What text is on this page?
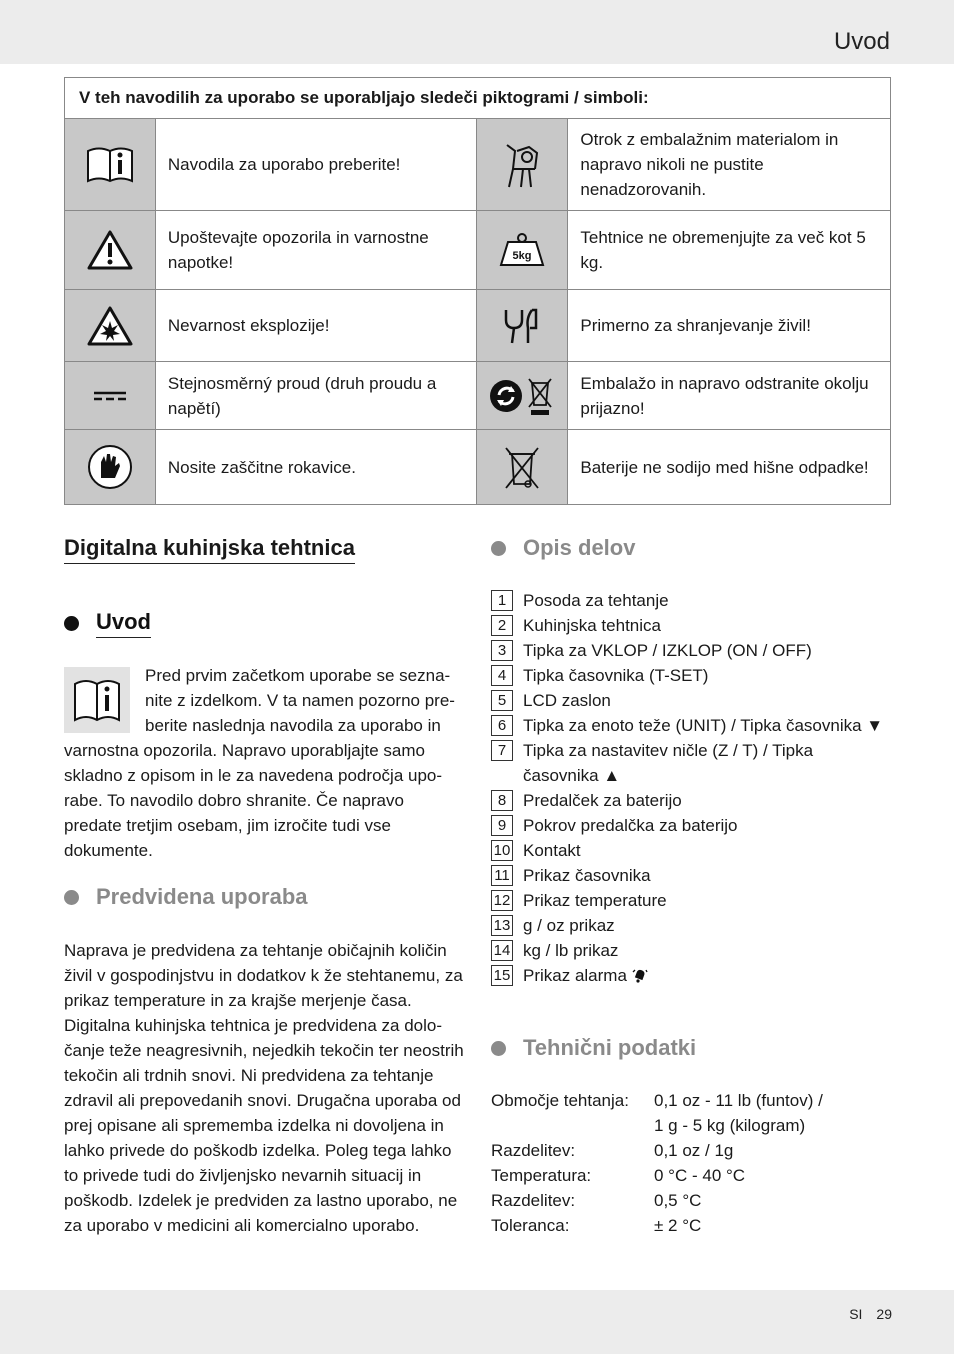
Uvod
V teh navodilih za uporabo se uporabljajo sledeči piktogrami / simboli:			

	Navodila za uporabo preberite!		Otrok z embalažnim materialom in napravo nikoli ne pustite nenadzorovanih.

	Upoštevajte opozorila in varnostne napotke!	5kg	Tehtnice ne obremenjujte za več kot 5 kg.

	Nevarnost eksplozije!		Primerno za shranjevanje živil!

	Stejnosměrný proud (druh proudu a napětí)		Embalažo in napravo odstranite okolju prijazno!

	Nosite zaščitne rokavice.		Baterije ne sodijo med hišne odpadke!
Digitalna kuhinjska tehtnica
Uvod
Pred prvim začetkom uporabe se sezna-nite z izdelkom. V ta namen pozorno pre-berite naslednja navodila za uporabo in
varnostna opozorila. Napravo uporabljajte samo skladno z opisom in le za navedena področja upo-rabe. To navodilo dobro shranite. Če napravo predate tretjim osebam, jim izročite tudi vse dokumente.
Predvidena uporaba
Naprava je predvidena za tehtanje običajnih količin živil v gospodinjstvu in dodatkov k že stehtanemu, za prikaz temperature in za krajše merjenje časa. Digitalna kuhinjska tehtnica je predvidena za dolo-čanje teže neagresivnih, nejedkih tekočin ter neostrih tekočin ali trdnih snovi. Ni predvidena za tehtanje zdravil ali prepovedanih snovi. Drugačna uporaba od prej opisane ali sprememba izdelka ni dovoljena in lahko privede do poškodb izdelka. Poleg tega lahko to privede tudi do življenjsko nevarnih situacij in poškodb. Izdelek je predviden za lastno uporabo, ne za uporabo v medicini ali komercialno uporabo.
Opis delov
1 Posoda za tehtanje
2 Kuhinjska tehtnica
3 Tipka za VKLOP / IZKLOP (ON / OFF)
4 Tipka časovnika (T-SET)
5 LCD zaslon
6 Tipka za enoto teže (UNIT) / Tipka časovnika ▼
7 Tipka za nastavitev ničle (Z / T) / Tipka
časovnika ▲
8 Predalček za baterijo
9 Pokrov predalčka za baterijo
10 Kontakt
11 Prikaz časovnika
12 Prikaz temperature
13 g / oz prikaz
14 kg / lb prikaz
15 Prikaz alarma
Tehnični podatki
Območje tehtanja:	0,1 oz - 11 lb (funtov) /
1 g - 5 kg (kilogram)
Razdelitev:	0,1 oz / 1g
Temperatura:	0 °C - 40 °C
Razdelitev:	0,5 °C
Toleranca:	± 2 °C
SI 29
